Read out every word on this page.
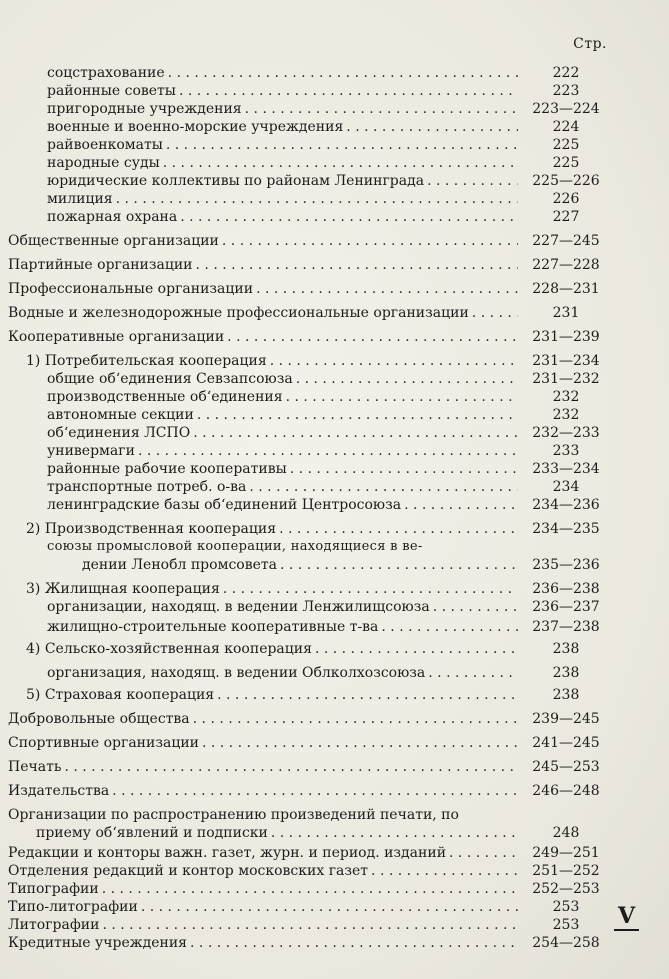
Стр.
соцстрахование . . .	222
районные советы . . .	223
пригородные учреждения . . .	223—224
военные и военно-морские учреждения . . .	224
райвоенкоматы . . .	225
народные суды . . .	225
юридические коллективы по районам Ленинграда . . .	225—226
милиция . . .	226
пожарная охрана . . .	227
Общественные организации . . .	227—245
Партийные организации . . .	227—228
Профессиональные организации . . .	228—231
Водные и железнодорожные профессиональные организации . . .	231
Кооперативные организации . . .	231—239
1) Потребительская кооперация . . .	231—234
общие об‘единения Севзапсоюза . . .	231—232
производственные об‘единения . . .	232
автономные секции . . .	232
об‘единения ЛСПО . . .	232—233
универмаги . . .	233
районные рабочие кооперативы . . .	233—234
транспортные потреб. о-ва . . .	234
ленинградские базы об‘единений Центросоюза . . .	234—236
2) Производственная кооперация . . .	234—235
союзы промысловой кооперации, находящиеся в ве-
дении Ленобл промсовета . . .	235—236
3) Жилищная кооперация . . .	236—238
организации, находящ. в ведении Ленжилищсоюза . . .	236—237
жилищно-строительные кооперативные т-ва . . .	237—238
4) Сельско-хозяйственная кооперация . . .	238
организация, находящ. в ведении Облколхозсоюза . . .	238
5) Страховая кооперация . . .	238
Добровольные общества . . .	239—245
Спортивные организации . . .	241—245
Печать . . .	245—253
Издательства . . .	246—248
Организации по распространению произведений печати, по
приему об‘явлений и подписки . . .	248
Редакции и конторы важн. газет, журн. и период. изданий . . .	249—251
Отделения редакций и контор московских газет . . .	251—252
Типографии . . .	252—253
Типо-литографии . . .	253
Литографии . . .	253
Кредитные учреждения . . .	254—258
V
